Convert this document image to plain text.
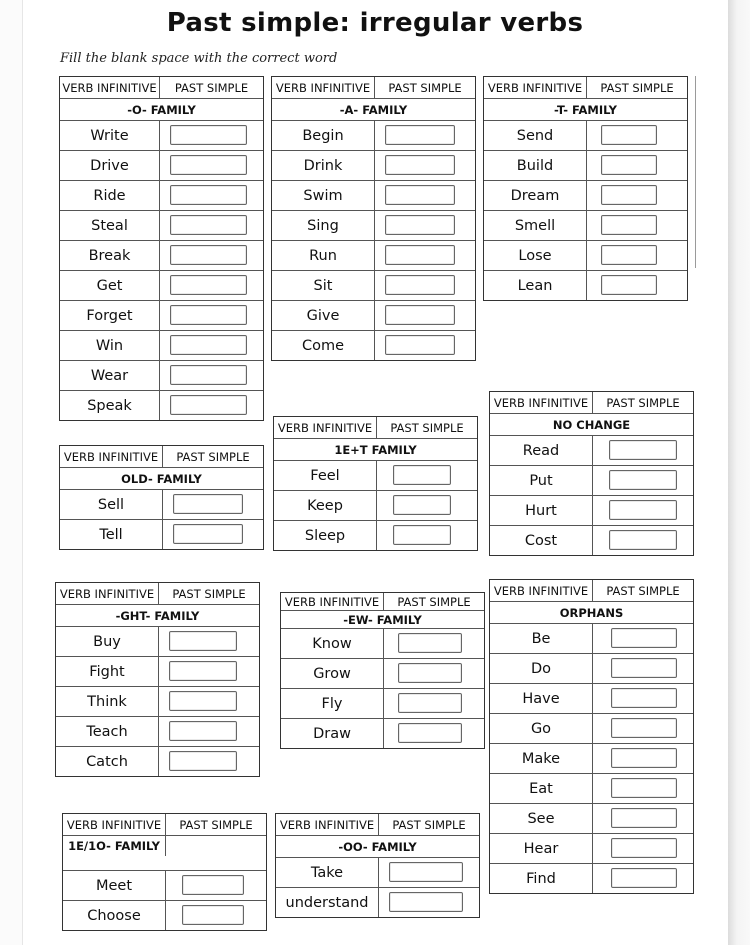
Past simple: irregular verbs
Fill the blank space with the correct word
VERB INFINITIVE	PAST SIMPLE
-O- FAMILY
Write
Drive
Ride
Steal
Break
Get
Forget
Win
Wear
Speak
VERB INFINITIVE	PAST SIMPLE
-A- FAMILY
Begin
Drink
Swim
Sing
Run
Sit
Give
Come
VERB INFINITIVE	PAST SIMPLE
-T- FAMILY
Send
Build
Dream
Smell
Lose
Lean
VERB INFINITIVE	PAST SIMPLE
OLD- FAMILY
Sell
Tell
VERB INFINITIVE	PAST SIMPLE
1E+T FAMILY
Feel
Keep
Sleep
VERB INFINITIVE	PAST SIMPLE
NO CHANGE
Read
Put
Hurt
Cost
VERB INFINITIVE	PAST SIMPLE
-GHT- FAMILY
Buy
Fight
Think
Teach
Catch
VERB INFINITIVE	PAST SIMPLE
-EW- FAMILY
Know
Grow
Fly
Draw
VERB INFINITIVE	PAST SIMPLE
ORPHANS
Be
Do
Have
Go
Make
Eat
See
Hear
Find
VERB INFINITIVE	PAST SIMPLE
1E/1O- FAMILY
Meet
Choose
VERB INFINITIVE	PAST SIMPLE
-OO- FAMILY
Take
understand
